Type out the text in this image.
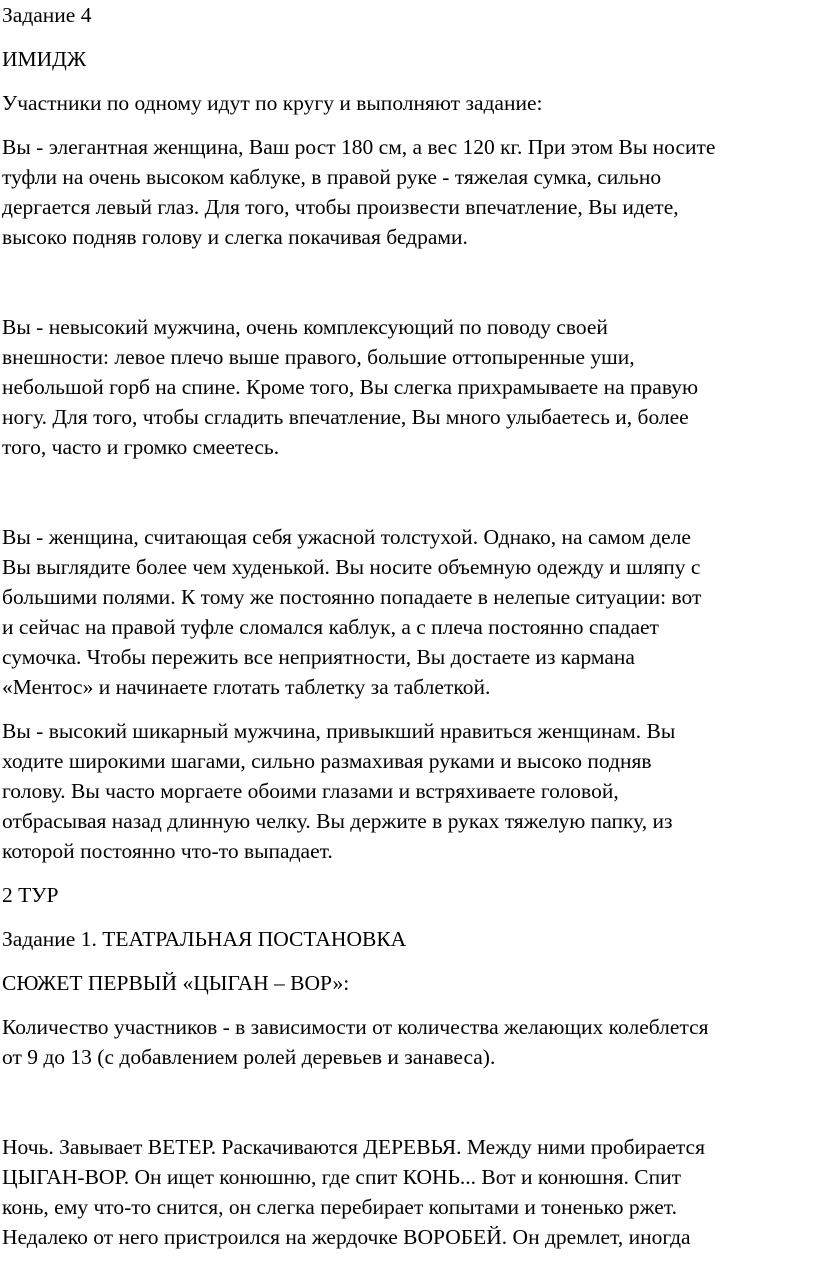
Задание 4

ИМИДЖ

Участники по одному идут по кругу и выполняют задание:

Вы - элегантная женщина, Ваш рост 180 см, а вес 120 кг. При этом Вы носите
туфли на очень высоком каблуке, в правой руке - тяжелая сумка, сильно
дергается левый глаз. Для того, чтобы произвести впечатление, Вы идете,
высоко подняв голову и слегка покачивая бедрами.

Вы - невысокий мужчина, очень комплексующий по поводу своей
внешности: левое плечо выше правого, большие оттопыренные уши,
небольшой горб на спине. Кроме того, Вы слегка прихрамываете на правую
ногу. Для того, чтобы сгладить впечатление, Вы много улыбаетесь и, более
того, часто и громко смеетесь.

Вы - женщина, считающая себя ужасной толстухой. Однако, на самом деле
Вы выглядите более чем худенькой. Вы носите объемную одежду и шляпу с
большими полями. К тому же постоянно попадаете в нелепые ситуации: вот
и сейчас на правой туфле сломался каблук, а с плеча постоянно спадает
сумочка. Чтобы пережить все неприятности, Вы достаете из кармана
«Ментос» и начинаете глотать таблетку за таблеткой.

Вы - высокий шикарный мужчина, привыкший нравиться женщинам. Вы
ходите широкими шагами, сильно размахивая руками и высоко подняв
голову. Вы часто моргаете обоими глазами и встряхиваете головой,
отбрасывая назад длинную челку. Вы держите в руках тяжелую папку, из
которой постоянно что-то выпадает.

2 ТУР

Задание 1. ТЕАТРАЛЬНАЯ ПОСТАНОВКА

СЮЖЕТ ПЕРВЫЙ «ЦЫГАН – ВОР»:

Количество участников - в зависимости от количества желающих колеблется
от 9 до 13 (с добавлением ролей деревьев и занавеса).

Ночь. Завывает ВЕТЕР. Раскачиваются ДЕРЕВЬЯ. Между ними пробирается
ЦЫГАН-ВОР. Он ищет конюшню, где спит КОНЬ... Вот и конюшня. Спит
конь, ему что-то снится, он слегка перебирает копытами и тоненько ржет.
Недалеко от него пристроился на жердочке ВОРОБЕЙ. Он дремлет, иногда
